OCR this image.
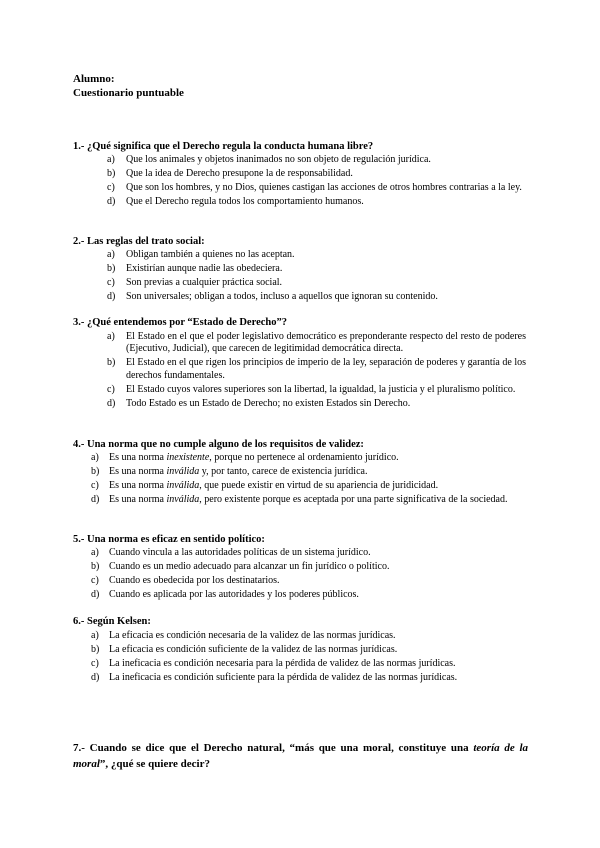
Alumno:
Cuestionario puntuable
1.- ¿Qué significa que el Derecho regula la conducta humana libre?
a) Que los animales y objetos inanimados no son objeto de regulación jurídica.
b) Que la idea de Derecho presupone la de responsabilidad.
c) Que son los hombres, y no Dios, quienes castigan las acciones de otros hombres contrarias a la ley.
d) Que el Derecho regula todos los comportamiento humanos.
2.- Las reglas del trato social:
a) Obligan también a quienes no las aceptan.
b) Existirían aunque nadie las obedeciera.
c) Son previas a cualquier práctica social.
d) Son universales; obligan a todos, incluso a aquellos que ignoran su contenido.
3.- ¿Qué entendemos por “Estado de Derecho”?
a) El Estado en el que el poder legislativo democrático es preponderante respecto del resto de poderes (Ejecutivo, Judicial), que carecen de legitimidad democrática directa.
b) El Estado en el que rigen los principios de imperio de la ley, separación de poderes y garantía de los derechos fundamentales.
c) El Estado cuyos valores superiores son la libertad, la igualdad, la justicia y el pluralismo político.
d) Todo Estado es un Estado de Derecho; no existen Estados sin Derecho.
4.- Una norma que no cumple alguno de los requisitos de validez:
a) Es una norma inexistente, porque no pertenece al ordenamiento jurídico.
b) Es una norma inválida y, por tanto, carece de existencia jurídica.
c) Es una norma inválida, que puede existir en virtud de su apariencia de juridicidad.
d) Es una norma inválida, pero existente porque es aceptada por una parte significativa de la sociedad.
5.- Una norma es eficaz en sentido político:
a) Cuando vincula a las autoridades políticas de un sistema jurídico.
b) Cuando es un medio adecuado para alcanzar un fin jurídico o político.
c) Cuando es obedecida por los destinatarios.
d) Cuando es aplicada por las autoridades y los poderes públicos.
6.- Según Kelsen:
a) La eficacia es condición necesaria de la validez de las normas jurídicas.
b) La eficacia es condición suficiente de la validez de las normas jurídicas.
c) La ineficacia es condición necesaria para la pérdida de validez de las normas jurídicas.
d) La ineficacia es condición suficiente para la pérdida de validez de las normas jurídicas.
7.- Cuando se dice que el Derecho natural, “más que una moral, constituye una teoría de la moral”, ¿qué se quiere decir?
